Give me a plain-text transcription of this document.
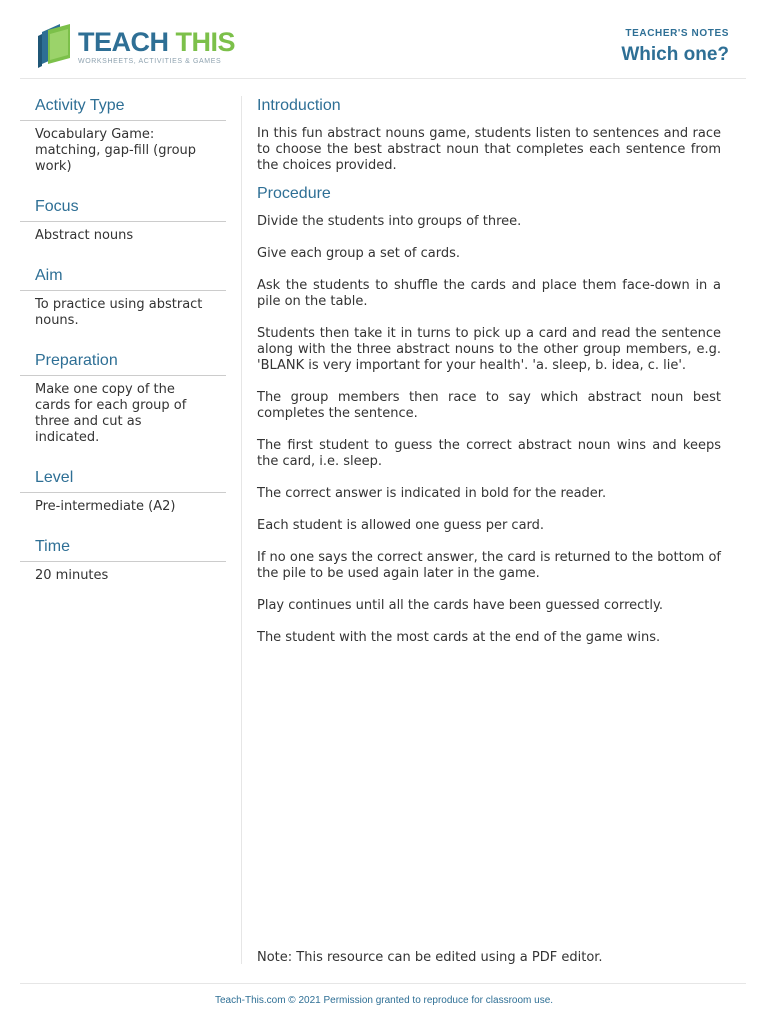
TEACH THIS
WORKSHEETS, ACTIVITIES & GAMES
TEACHER'S NOTES
Which one?
Activity Type
Vocabulary Game: matching, gap-fill (group work)
Focus
Abstract nouns
Aim
To practice using abstract nouns.
Preparation
Make one copy of the cards for each group of three and cut as indicated.
Level
Pre-intermediate (A2)
Time
20 minutes
Introduction

In this fun abstract nouns game, students listen to sentences and race to choose the best abstract noun that completes each sentence from the choices provided.

Procedure

Divide the students into groups of three.

Give each group a set of cards.

Ask the students to shuffle the cards and place them face-down in a pile on the table.

Students then take it in turns to pick up a card and read the sentence along with the three abstract nouns to the other group members, e.g. 'BLANK is very important for your health'. 'a. sleep, b. idea, c. lie'.

The group members then race to say which abstract noun best completes the sentence.

The first student to guess the correct abstract noun wins and keeps the card, i.e. sleep.

The correct answer is indicated in bold for the reader.

Each student is allowed one guess per card.

If no one says the correct answer, the card is returned to the bottom of the pile to be used again later in the game.

Play continues until all the cards have been guessed correctly.

The student with the most cards at the end of the game wins.

Note: This resource can be edited using a PDF editor.
Teach-This.com © 2021 Permission granted to reproduce for classroom use.
